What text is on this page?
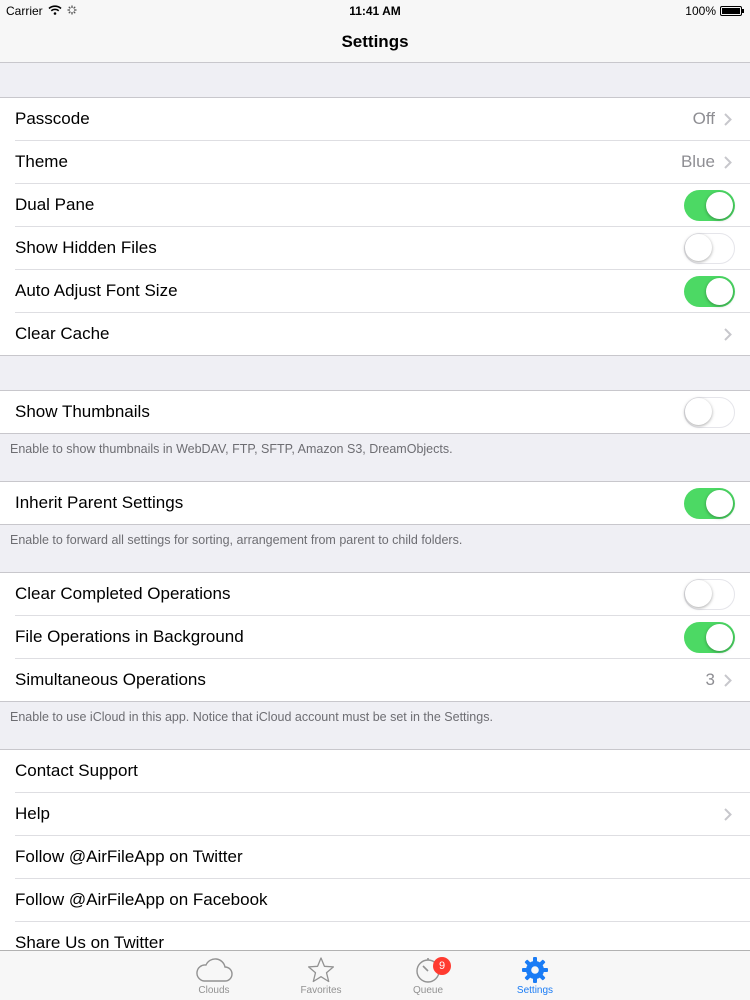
Carrier	11:41 AM	100%
Settings
Passcode	Off
Theme	Blue
Dual Pane
Show Hidden Files
Auto Adjust Font Size
Clear Cache
Show Thumbnails
Enable to show thumbnails in WebDAV, FTP, SFTP, Amazon S3, DreamObjects.
Inherit Parent Settings
Enable to forward all settings for sorting, arrangement from parent to child folders.
Clear Completed Operations
File Operations in Background
Simultaneous Operations	3
Enable to use iCloud in this app. Notice that iCloud account must be set in the Settings.
Contact Support
Help
Follow @AirFileApp on Twitter
Follow @AirFileApp on Facebook
Share Us on Twitter
Clouds	Favorites
9
Queue	Settings
